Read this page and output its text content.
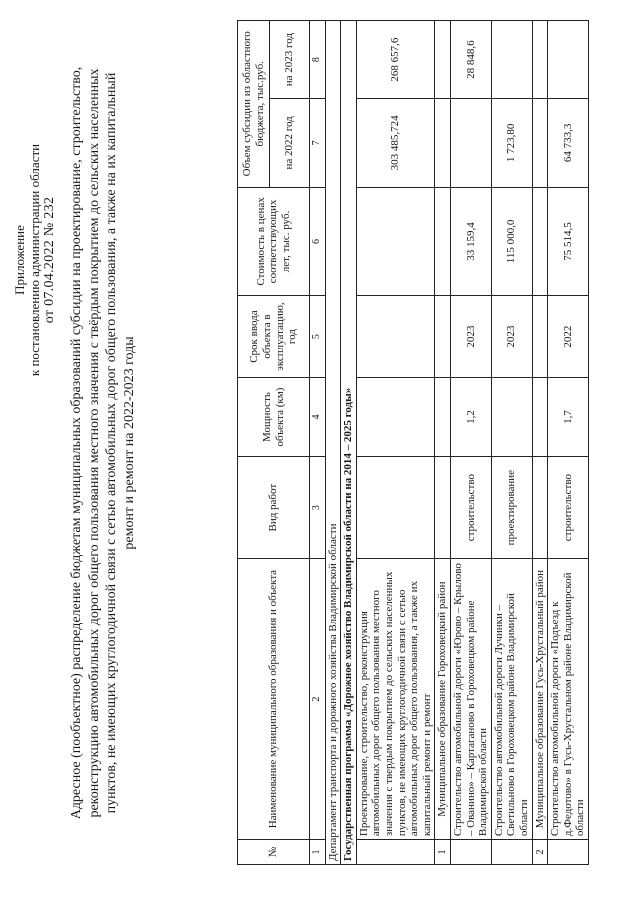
Приложение к постановлению администрации области от 07.04.2022 № 232 Адресное (пообъектное) распределение бюджетам муниципальных образований субсидии на проектирование, строительство, реконструкцию автомобильных дорог общего пользования местного значения с твёрдым покрытием до сельских населенных пунктов, не имеющих круглогодичной связи с сетью автомобильных дорог общего пользования, а также на их капитальный ремонт и ремонт на 2022-2023 годы
№	Наименование муниципального образования и объекта	Вид работ	Мощность объекта (км)	Срок ввода объекта в эксплуатацию, год	Стоимость в ценах соответствующих лет, тыс. руб.	Объем субсидии из областного бюджета, тыс.руб.	
						на 2022 год	на 2023 год
1	2	3	4	5	6	7	8
Департамент транспорта и дорожного хозяйства Владимирской области							
Государственная программа «Дорожное хозяйство Владимирской области на 2014 – 2025 годы»							
	Проектирование, строительство, реконструкция автомобильных дорог общего пользования местного значения с твердым покрытием до сельских населенных пунктов, не имеющих круглогодичной связи с сетью автомобильных дорог общего пользования, а также их капитальный ремонт и ремонт					303 485,724	268 657,6
1	Муниципальное образование Гороховецкий район						
	Строительство автомобильной дороги «Юрово – Крылово – Ованино» – Картаганово в Гороховецком районе Владимирской области	строительство	1,2	2023	33 159,4		28 848,6
	Строительство автомобильной дороги Лучинки – Светильново в Гороховецком районе Владимирской области	проектирование		2023	115 000,0	1 723,80	
2	Муниципальное образование Гусь-Хрустальный район						
	Строительство автомобильной дороги «Подъезд к д.Федотово» в Гусь-Хрустальном районе Владимирской области	строительство	1,7	2022	75 514,5	64 733,3	
